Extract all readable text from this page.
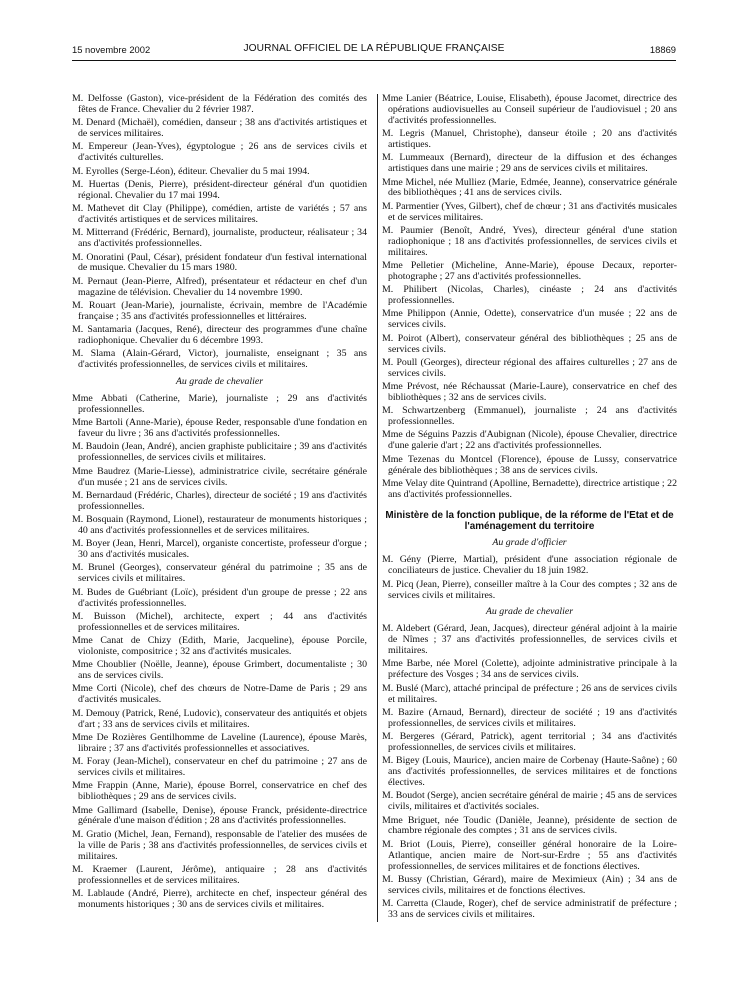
15 novembre 2002	JOURNAL OFFICIEL DE LA RÉPUBLIQUE FRANÇAISE	18869
M. Delfosse (Gaston), vice-président de la Fédération des comités des fêtes de France. Chevalier du 2 février 1987.
M. Denard (Michaël), comédien, danseur ; 38 ans d'activités artistiques et de services militaires.
M. Empereur (Jean-Yves), égyptologue ; 26 ans de services civils et d'activités culturelles.
M. Eyrolles (Serge-Léon), éditeur. Chevalier du 5 mai 1994.
M. Huertas (Denis, Pierre), président-directeur général d'un quotidien régional. Chevalier du 17 mai 1994.
M. Mathevet dit Clay (Philippe), comédien, artiste de variétés ; 57 ans d'activités artistiques et de services militaires.
M. Mitterrand (Frédéric, Bernard), journaliste, producteur, réalisateur ; 34 ans d'activités professionnelles.
M. Onoratini (Paul, César), président fondateur d'un festival international de musique. Chevalier du 15 mars 1980.
M. Pernaut (Jean-Pierre, Alfred), présentateur et rédacteur en chef d'un magazine de télévision. Chevalier du 14 novembre 1990.
M. Rouart (Jean-Marie), journaliste, écrivain, membre de l'Académie française ; 35 ans d'activités professionnelles et littéraires.
M. Santamaria (Jacques, René), directeur des programmes d'une chaîne radiophonique. Chevalier du 6 décembre 1993.
M. Slama (Alain-Gérard, Victor), journaliste, enseignant ; 35 ans d'activités professionnelles, de services civils et militaires.
Au grade de chevalier
Mme Abbati (Catherine, Marie), journaliste ; 29 ans d'activités professionnelles.
Mme Bartoli (Anne-Marie), épouse Reder, responsable d'une fondation en faveur du livre ; 36 ans d'activités professionnelles.
M. Baudoin (Jean, André), ancien graphiste publicitaire ; 39 ans d'activités professionnelles, de services civils et militaires.
Mme Baudrez (Marie-Liesse), administratrice civile, secrétaire générale d'un musée ; 21 ans de services civils.
M. Bernardaud (Frédéric, Charles), directeur de société ; 19 ans d'activités professionnelles.
M. Bosquain (Raymond, Lionel), restaurateur de monuments historiques ; 40 ans d'activités professionnelles et de services militaires.
M. Boyer (Jean, Henri, Marcel), organiste concertiste, professeur d'orgue ; 30 ans d'activités musicales.
M. Brunel (Georges), conservateur général du patrimoine ; 35 ans de services civils et militaires.
M. Budes de Guébriant (Loïc), président d'un groupe de presse ; 22 ans d'activités professionnelles.
M. Buisson (Michel), architecte, expert ; 44 ans d'activités professionnelles et de services militaires.
Mme Canat de Chizy (Edith, Marie, Jacqueline), épouse Porcile, violoniste, compositrice ; 32 ans d'activités musicales.
Mme Choublier (Noëlle, Jeanne), épouse Grimbert, documentaliste ; 30 ans de services civils.
Mme Corti (Nicole), chef des chœurs de Notre-Dame de Paris ; 29 ans d'activités musicales.
M. Demouy (Patrick, René, Ludovic), conservateur des antiquités et objets d'art ; 33 ans de services civils et militaires.
Mme De Rozières Gentilhomme de Laveline (Laurence), épouse Marès, libraire ; 37 ans d'activités professionnelles et associatives.
M. Foray (Jean-Michel), conservateur en chef du patrimoine ; 27 ans de services civils et militaires.
Mme Frappin (Anne, Marie), épouse Borrel, conservatrice en chef des bibliothèques ; 29 ans de services civils.
Mme Gallimard (Isabelle, Denise), épouse Franck, présidente-directrice générale d'une maison d'édition ; 28 ans d'activités professionnelles.
M. Gratio (Michel, Jean, Fernand), responsable de l'atelier des musées de la ville de Paris ; 38 ans d'activités professionnelles, de services civils et militaires.
M. Kraemer (Laurent, Jérôme), antiquaire ; 28 ans d'activités professionnelles et de services militaires.
M. Lablaude (André, Pierre), architecte en chef, inspecteur général des monuments historiques ; 30 ans de services civils et militaires.
Mme Lanier (Béatrice, Louise, Elisabeth), épouse Jacomet, directrice des opérations audiovisuelles au Conseil supérieur de l'audiovisuel ; 20 ans d'activités professionnelles.
M. Legris (Manuel, Christophe), danseur étoile ; 20 ans d'activités artistiques.
M. Lummeaux (Bernard), directeur de la diffusion et des échanges artistiques dans une mairie ; 29 ans de services civils et militaires.
Mme Michel, née Mulliez (Marie, Edmée, Jeanne), conservatrice générale des bibliothèques ; 41 ans de services civils.
M. Parmentier (Yves, Gilbert), chef de chœur ; 31 ans d'activités musicales et de services militaires.
M. Paumier (Benoît, André, Yves), directeur général d'une station radiophonique ; 18 ans d'activités professionnelles, de services civils et militaires.
Mme Pelletier (Micheline, Anne-Marie), épouse Decaux, reporter-photographe ; 27 ans d'activités professionnelles.
M. Philibert (Nicolas, Charles), cinéaste ; 24 ans d'activités professionnelles.
Mme Philippon (Annie, Odette), conservatrice d'un musée ; 22 ans de services civils.
M. Poirot (Albert), conservateur général des bibliothèques ; 25 ans de services civils.
M. Poull (Georges), directeur régional des affaires culturelles ; 27 ans de services civils.
Mme Prévost, née Réchaussat (Marie-Laure), conservatrice en chef des bibliothèques ; 32 ans de services civils.
M. Schwartzenberg (Emmanuel), journaliste ; 24 ans d'activités professionnelles.
Mme de Séguins Pazzis d'Aubignan (Nicole), épouse Chevalier, directrice d'une galerie d'art ; 22 ans d'activités professionnelles.
Mme Tezenas du Montcel (Florence), épouse de Lussy, conservatrice générale des bibliothèques ; 38 ans de services civils.
Mme Velay dite Quintrand (Apolline, Bernadette), directrice artistique ; 22 ans d'activités professionnelles.
Ministère de la fonction publique, de la réforme de l'Etat et de l'aménagement du territoire
Au grade d'officier
M. Gény (Pierre, Martial), président d'une association régionale de conciliateurs de justice. Chevalier du 18 juin 1982.
M. Picq (Jean, Pierre), conseiller maître à la Cour des comptes ; 32 ans de services civils et militaires.
Au grade de chevalier
M. Aldebert (Gérard, Jean, Jacques), directeur général adjoint à la mairie de Nîmes ; 37 ans d'activités professionnelles, de services civils et militaires.
Mme Barbe, née Morel (Colette), adjointe administrative principale à la préfecture des Vosges ; 34 ans de services civils.
M. Buslé (Marc), attaché principal de préfecture ; 26 ans de services civils et militaires.
M. Bazire (Arnaud, Bernard), directeur de société ; 19 ans d'activités professionnelles, de services civils et militaires.
M. Bergeres (Gérard, Patrick), agent territorial ; 34 ans d'activités professionnelles, de services civils et militaires.
M. Bigey (Louis, Maurice), ancien maire de Corbenay (Haute-Saône) ; 60 ans d'activités professionnelles, de services militaires et de fonctions électives.
M. Boudot (Serge), ancien secrétaire général de mairie ; 45 ans de services civils, militaires et d'activités sociales.
Mme Briguet, née Toudic (Danièle, Jeanne), présidente de section de chambre régionale des comptes ; 31 ans de services civils.
M. Briot (Louis, Pierre), conseiller général honoraire de la Loire-Atlantique, ancien maire de Nort-sur-Erdre ; 55 ans d'activités professionnelles, de services militaires et de fonctions électives.
M. Bussy (Christian, Gérard), maire de Meximieux (Ain) ; 34 ans de services civils, militaires et de fonctions électives.
M. Carretta (Claude, Roger), chef de service administratif de préfecture ; 33 ans de services civils et militaires.
